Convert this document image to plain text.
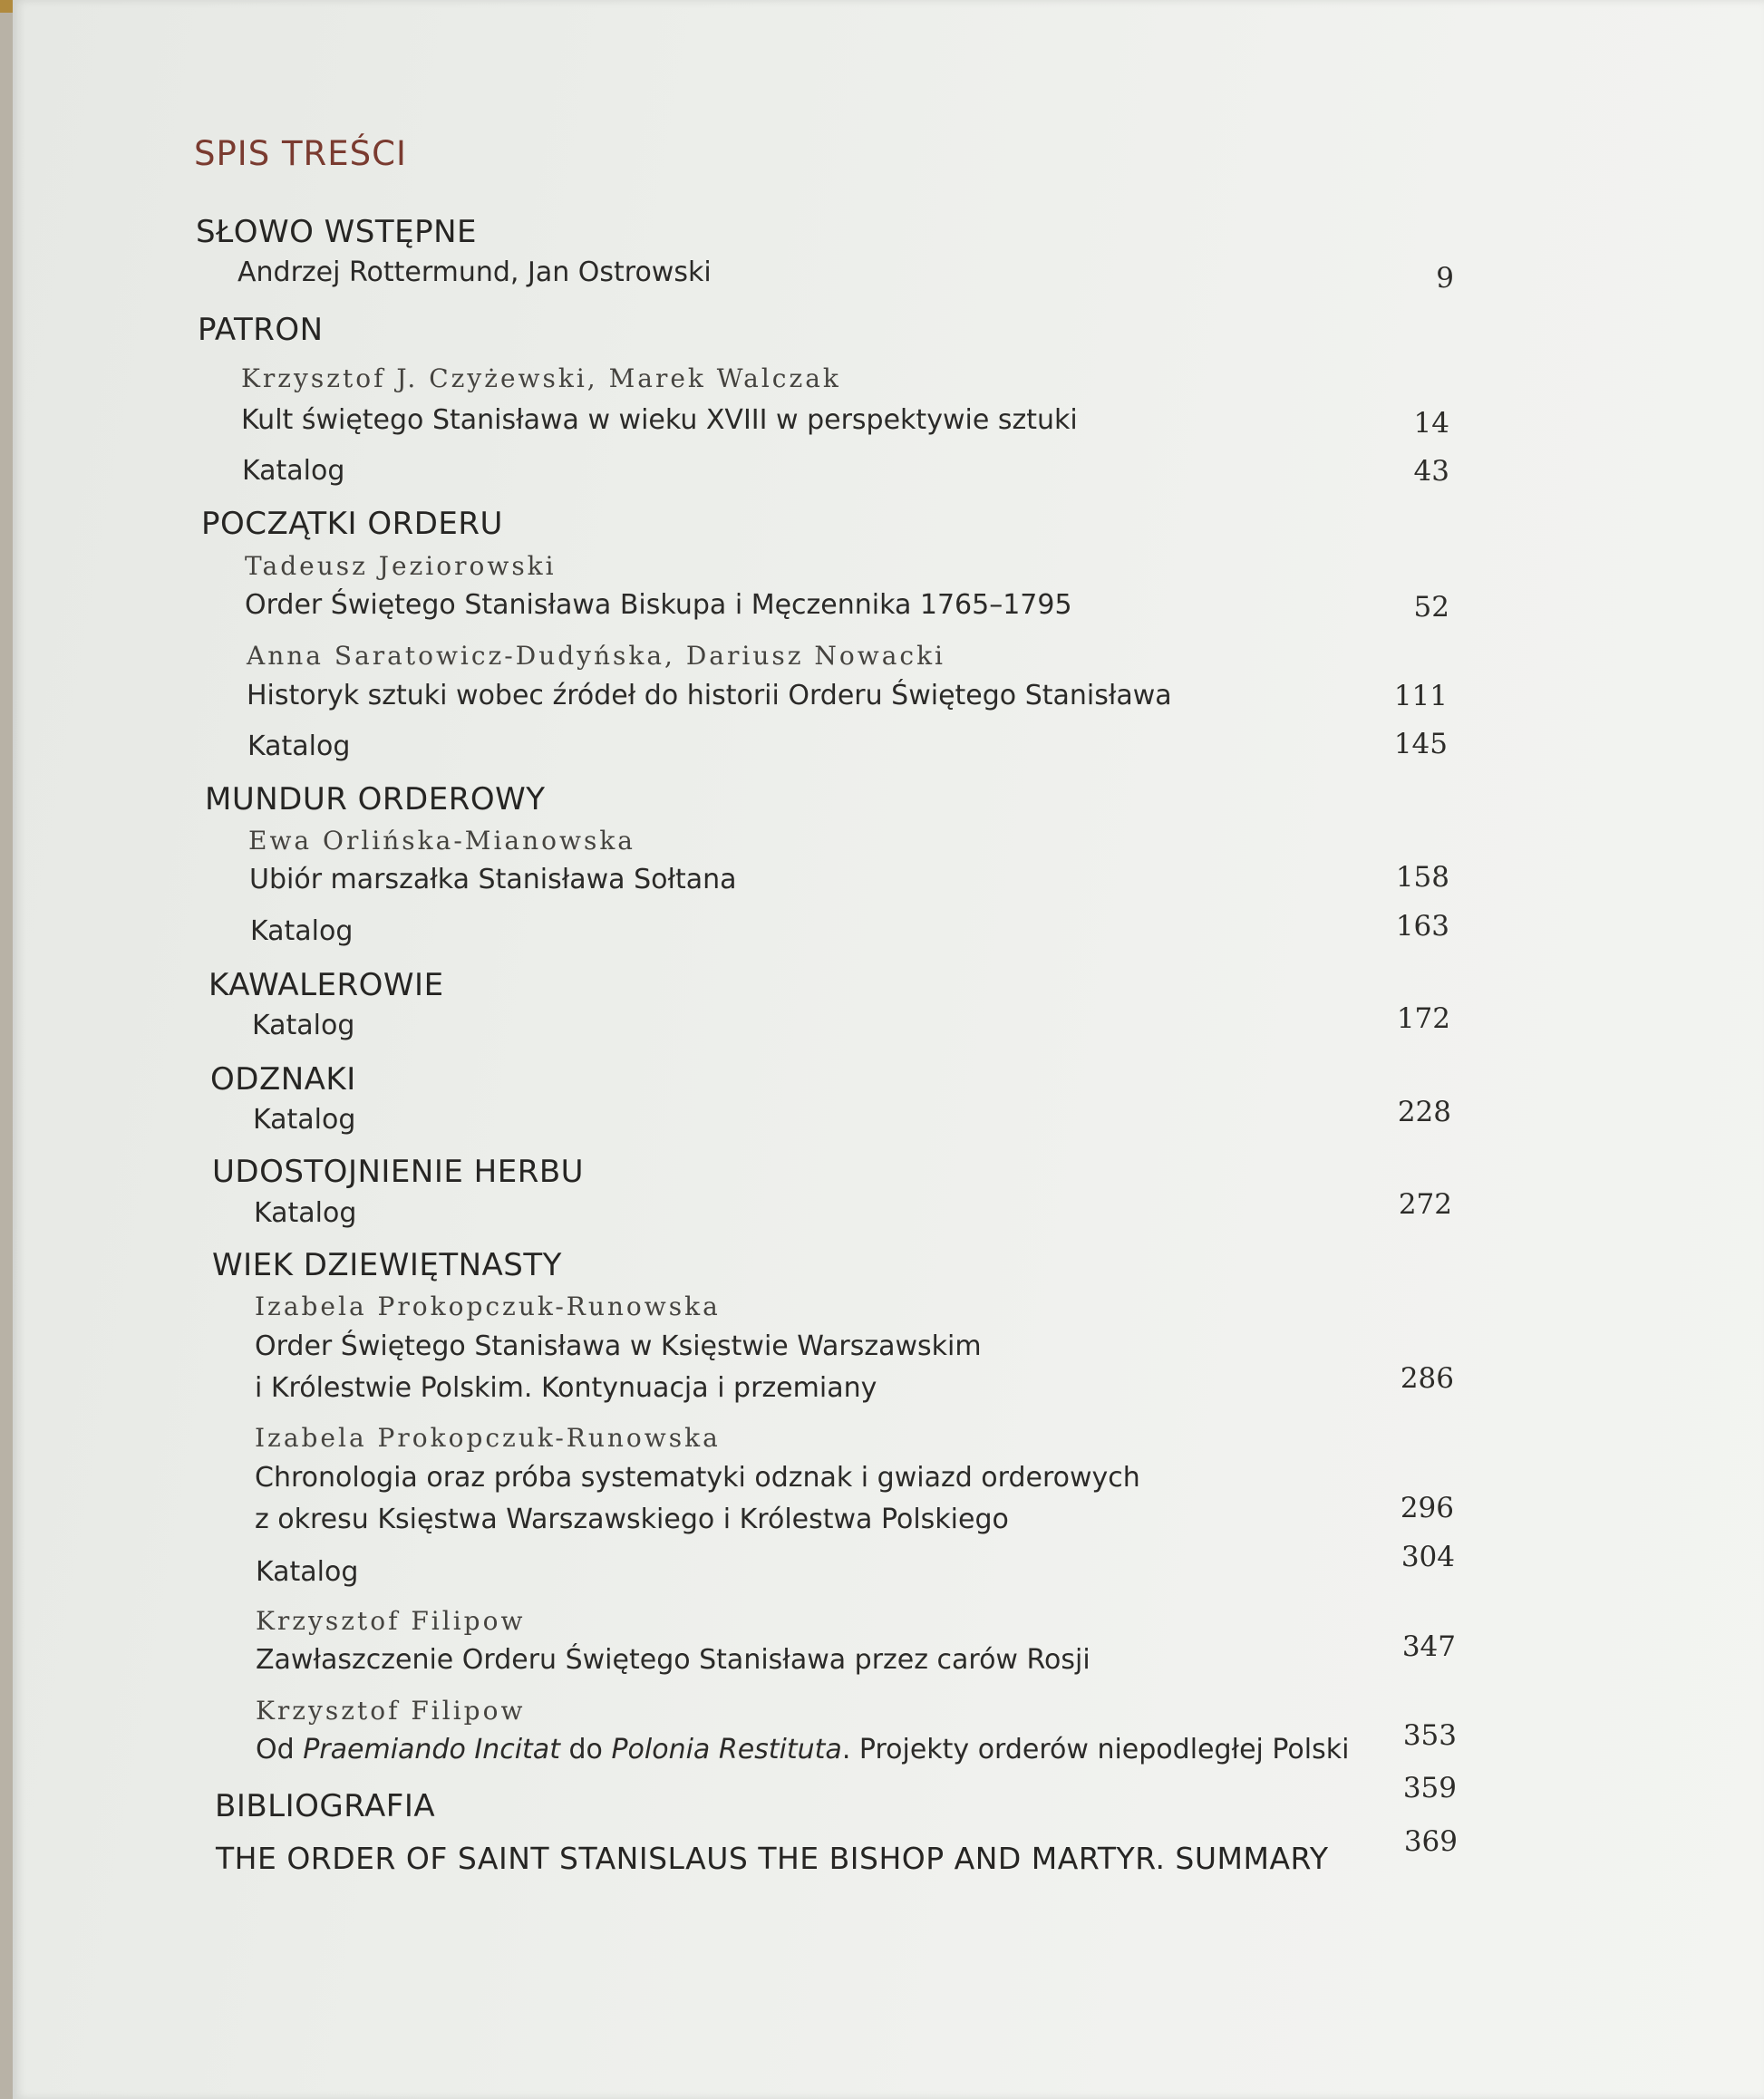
SPIS TREŚCI
SŁOWO WSTĘPNE
Andrzej Rottermund, Jan Ostrowski	9
PATRON
Krzysztof J. Czyżewski, Marek Walczak
Kult świętego Stanisława w wieku XVIII w perspektywie sztuki	14
Katalog	43
POCZĄTKI ORDERU
Tadeusz Jeziorowski
Order Świętego Stanisława Biskupa i Męczennika 1765–1795	52
Anna Saratowicz-Dudyńska, Dariusz Nowacki
Historyk sztuki wobec źródeł do historii Orderu Świętego Stanisława	111
Katalog	145
MUNDUR ORDEROWY
Ewa Orlińska-Mianowska
Ubiór marszałka Stanisława Sołtana	158
Katalog	163
KAWALEROWIE
Katalog	172
ODZNAKI
Katalog	228
UDOSTOJNIENIE HERBU
Katalog	272
WIEK DZIEWIĘTNASTY
Izabela Prokopczuk-Runowska
Order Świętego Stanisława w Księstwie Warszawskim
i Królestwie Polskim. Kontynuacja i przemiany	286
Izabela Prokopczuk-Runowska
Chronologia oraz próba systematyki odznak i gwiazd orderowych
z okresu Księstwa Warszawskiego i Królestwa Polskiego	296
Katalog	304
Krzysztof Filipow
Zawłaszczenie Orderu Świętego Stanisława przez carów Rosji	347
Krzysztof Filipow
Od Praemiando Incitat do Polonia Restituta. Projekty orderów niepodległej Polski	353
BIBLIOGRAFIA	359
THE ORDER OF SAINT STANISLAUS THE BISHOP AND MARTYR. SUMMARY	369
